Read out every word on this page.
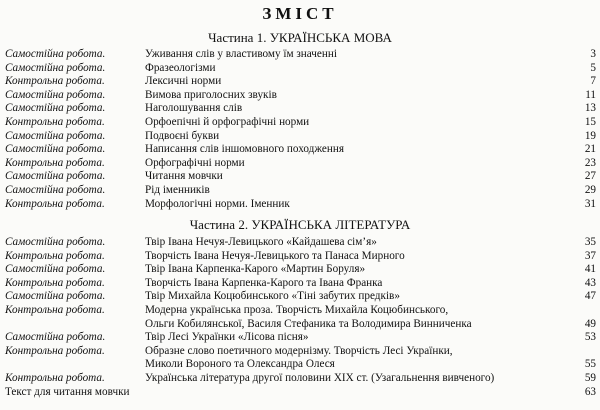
ЗМІСТ
Частина 1. УКРАЇНСЬКА МОВА
Самостійна робота.	Уживання слів у властивому їм значенні	3
Самостійна робота.	Фразеологізми	5
Контрольна робота.	Лексичні норми	7
Самостійна робота.	Вимова приголосних звуків	11
Самостійна робота.	Наголошування слів	13
Контрольна робота.	Орфоепічні й орфографічні норми	15
Самостійна робота.	Подвоєні букви	19
Самостійна робота.	Написання слів іншомовного походження	21
Контрольна робота.	Орфографічні норми	23
Самостійна робота.	Читання мовчки	27
Самостійна робота.	Рід іменників	29
Контрольна робота.	Морфологічні норми. Іменник	31
Частина 2. УКРАЇНСЬКА ЛІТЕРАТУРА
Самостійна робота.	Твір Івана Нечуя-Левицького «Кайдашева сім’я»	35
Контрольна робота.	Творчість Івана Нечуя-Левицького та Панаса Мирного	37
Самостійна робота.	Твір Івана Карпенка-Карого «Мартин Боруля»	41
Контрольна робота.	Творчість Івана Карпенка-Карого та Івана Франка	43
Самостійна робота.	Твір Михайла Коцюбинського «Тіні забутих предків»	47
Контрольна робота.	Модерна українська проза. Творчість Михайла Коцюбинського,
Ольги Кобилянської, Василя Стефаника та Володимира Винниченка	49
Самостійна робота.	Твір Лесі Українки «Лісова пісня»	53
Контрольна робота.	Образне слово поетичного модернізму. Творчість Лесі Українки,
Миколи Вороного та Олександра Олеся	55
Контрольна робота.	Українська література другої половини XIX ст. (Узагальнення вивченого)	59
Текст для читання мовчки	63
